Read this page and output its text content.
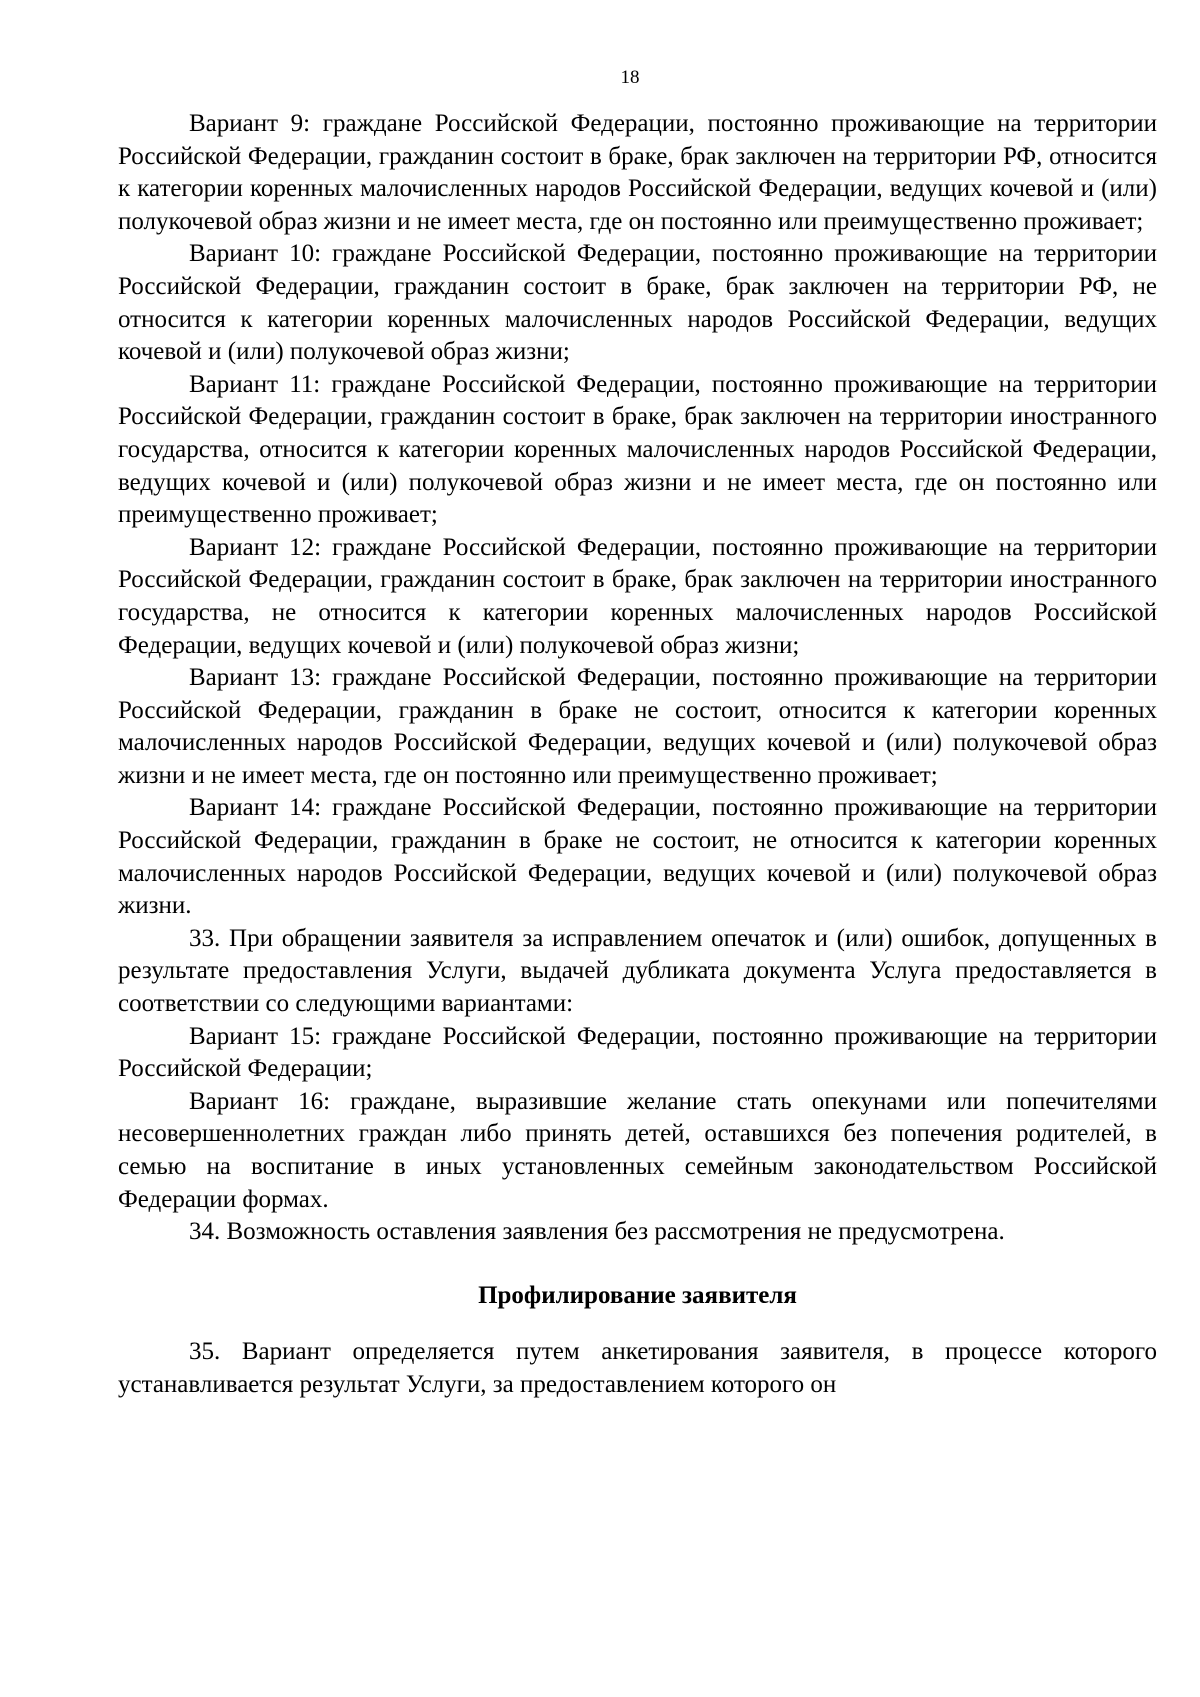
18

Вариант 9: граждане Российской Федерации, постоянно проживающие на территории Российской Федерации, гражданин состоит в браке, брак заключен на территории РФ, относится к категории коренных малочисленных народов Российской Федерации, ведущих кочевой и (или) полукочевой образ жизни и не имеет места, где он постоянно или преимущественно проживает;

Вариант 10: граждане Российской Федерации, постоянно проживающие на территории Российской Федерации, гражданин состоит в браке, брак заключен на территории РФ, не относится к категории коренных малочисленных народов Российской Федерации, ведущих кочевой и (или) полукочевой образ жизни;

Вариант 11: граждане Российской Федерации, постоянно проживающие на территории Российской Федерации, гражданин состоит в браке, брак заключен на территории иностранного государства, относится к категории коренных малочисленных народов Российской Федерации, ведущих кочевой и (или) полукочевой образ жизни и не имеет места, где он постоянно или преимущественно проживает;

Вариант 12: граждане Российской Федерации, постоянно проживающие на территории Российской Федерации, гражданин состоит в браке, брак заключен на территории иностранного государства, не относится к категории коренных малочисленных народов Российской Федерации, ведущих кочевой и (или) полукочевой образ жизни;

Вариант 13: граждане Российской Федерации, постоянно проживающие на территории Российской Федерации, гражданин в браке не состоит, относится к категории коренных малочисленных народов Российской Федерации, ведущих кочевой и (или) полукочевой образ жизни и не имеет места, где он постоянно или преимущественно проживает;

Вариант 14: граждане Российской Федерации, постоянно проживающие на территории Российской Федерации, гражданин в браке не состоит, не относится к категории коренных малочисленных народов Российской Федерации, ведущих кочевой и (или) полукочевой образ жизни.

33. При обращении заявителя за исправлением опечаток и (или) ошибок, допущенных в результате предоставления Услуги, выдачей дубликата документа Услуга предоставляется в соответствии со следующими вариантами:

Вариант 15: граждане Российской Федерации, постоянно проживающие на территории Российской Федерации;

Вариант 16: граждане, выразившие желание стать опекунами или попечителями несовершеннолетних граждан либо принять детей, оставшихся без попечения родителей, в семью на воспитание в иных установленных семейным законодательством Российской Федерации формах.

34. Возможность оставления заявления без рассмотрения не предусмотрена.

Профилирование заявителя

35. Вариант определяется путем анкетирования заявителя, в процессе которого устанавливается результат Услуги, за предоставлением которого он
